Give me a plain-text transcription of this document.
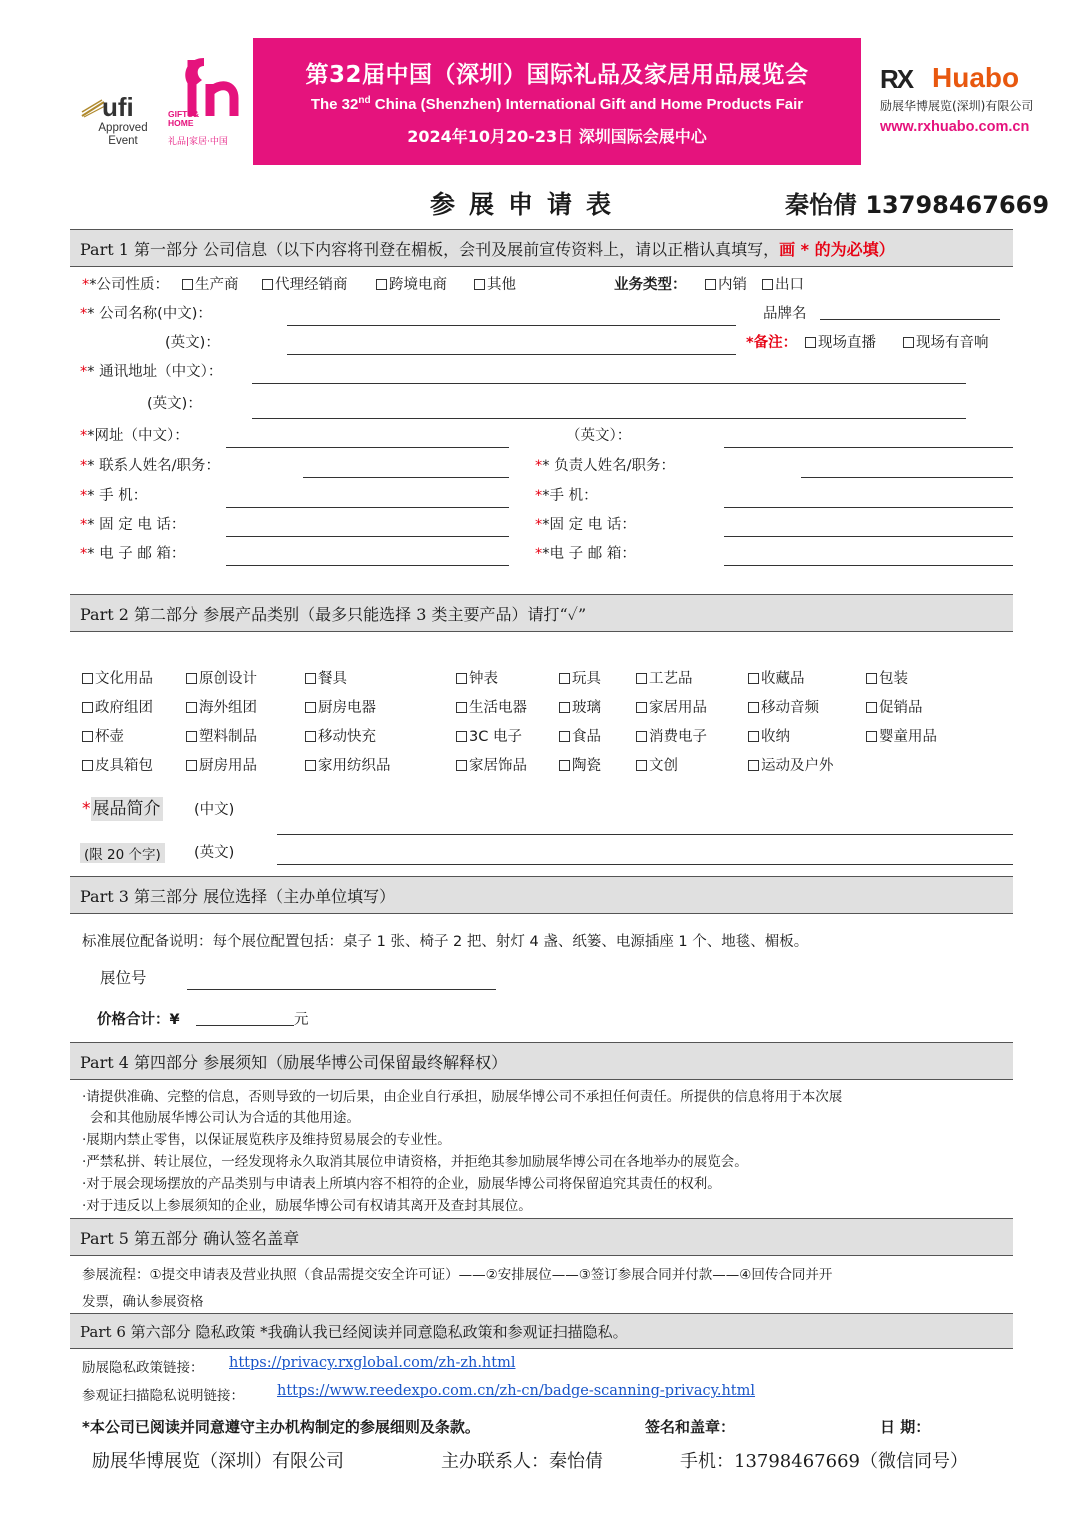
ufi
Approved
Event
GIFTS&
HOME
礼品|家居·中国
第32届中国（深圳）国际礼品及家居用品展览会
The 32nd China (Shenzhen) International Gift and Home Products Fair
2024年10月20-23日 深圳国际会展中心
RX Huabo
励展华博展览(深圳)有限公司
www.rxhuabo.com.cn
参展申请表	秦怡倩 13798467669
Part 1 第一部分 公司信息（以下内容将刊登在楣板，会刊及展前宣传资料上，请以正楷认真填写， 画 * 的为必填）
**公司性质：	生产商	代理经销商	跨境电商	其他	业务类型：	内销	出口
** 公司名称(中文)：	品牌名
(英文)：	*备注：	现场直播	现场有音响
** 通讯地址（中文）：
(英文)：
**网址（中文）：	（英文）：
** 联系人姓名/职务：	** 负责人姓名/职务：
** 手 机：	**手 机：
** 固 定 电 话：	**固 定 电 话：
** 电 子 邮 箱：	**电 子 邮 箱：
Part 2 第二部分 参展产品类别（最多只能选择 3 类主要产品）请打“✓”
文化用品	原创设计	餐具	钟表	玩具	工艺品	收藏品	包装
政府组团	海外组团	厨房电器	生活电器	玻璃	家居用品	移动音频	促销品
杯壶	塑料制品	移动快充	3C 电子	食品	消费电子	收纳	婴童用品
皮具箱包	厨房用品	家用纺织品	家居饰品	陶瓷	文创	运动及户外
* 展品简介 (中文)
(限 20 个字) (英文)
Part 3 第三部分 展位选择（主办单位填写）
标准展位配备说明：每个展位配置包括：桌子 1 张、椅子 2 把、射灯 4 盏、纸篓、电源插座 1 个、地毯、楣板。
展位号
价格合计：¥	元
Part 4 第四部分 参展须知（励展华博公司保留最终解释权）
·请提供准确、完整的信息，否则导致的一切后果，由企业自行承担，励展华博公司不承担任何责任。所提供的信息将用于本次展
会和其他励展华博公司认为合适的其他用途。
·展期内禁止零售，以保证展览秩序及维持贸易展会的专业性。
·严禁私拼、转让展位，一经发现将永久取消其展位申请资格，并拒绝其参加励展华博公司在各地举办的展览会。
·对于展会现场摆放的产品类别与申请表上所填内容不相符的企业，励展华博公司将保留追究其责任的权利。
·对于违反以上参展须知的企业，励展华博公司有权请其离开及查封其展位。
Part 5 第五部分 确认签名盖章
参展流程：①提交申请表及营业执照（食品需提交安全许可证）——②安排展位——③签订参展合同并付款——④回传合同并开
发票，确认参展资格
Part 6 第六部分 隐私政策 *我确认我已经阅读并同意隐私政策和参观证扫描隐私。
励展隐私政策链接： https://privacy.rxglobal.com/zh-zh.html
参观证扫描隐私说明链接： https://www.reedexpo.com.cn/zh-cn/badge-scanning-privacy.html
*本公司已阅读并同意遵守主办机构制定的参展细则及条款。	签名和盖章：	日 期：
励展华博展览（深圳）有限公司	主办联系人：秦怡倩	手机：13798467669（微信同号）
